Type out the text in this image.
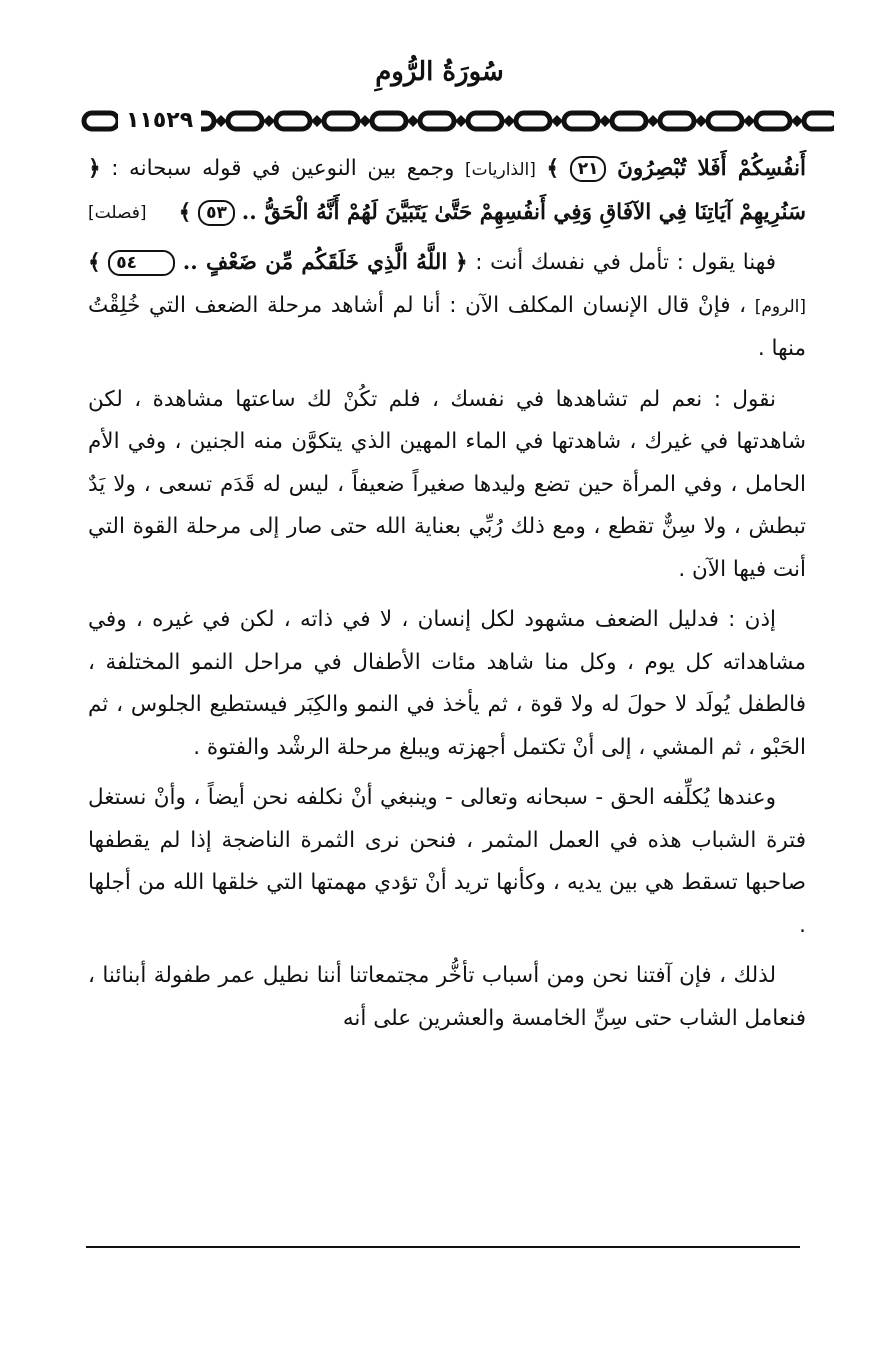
سُورَةُ الرُّومِ
١١٥٢٩

أَنفُسِكُمْ أَفَلا تُبْصِرُونَ ٢١ ﴾ [الذاريات] وجمع بين النوعين في قوله سبحانه : ﴿ سَنُرِيهِمْ آيَاتِنَا فِي الآفَاقِ وَفِي أَنفُسِهِمْ حَتَّىٰ يَتَبَيَّنَ لَهُمْ أَنَّهُ الْحَقُّ .. ٥٣ ﴾
[فصلت]

فهنا يقول : تأمل في نفسك أنت : ﴿ اللَّهُ الَّذِي خَلَقَكُم مِّن ضَعْفٍ .. ٥٤ ﴾ [الروم] ، فإنْ قال الإنسان المكلف الآن : أنا لم أشاهد مرحلة الضعف التي خُلِقْتُ منها .

نقول : نعم لم تشاهدها في نفسك ، فلم تكُنْ لك ساعتها مشاهدة ، لكن شاهدتها في غيرك ، شاهدتها في الماء المهين الذي يتكوَّن منه الجنين ، وفي الأم الحامل ، وفي المرأة حين تضع وليدها صغيراً ضعيفاً ، ليس له قَدَم تسعى ، ولا يَدٌ تبطش ، ولا سِنٌّ تقطع ، ومع ذلك رُبِّي بعناية الله حتى صار إلى مرحلة القوة التي أنت فيها الآن .

إذن : فدليل الضعف مشهود لكل إنسان ، لا في ذاته ، لكن في غيره ، وفي مشاهداته كل يوم ، وكل منا شاهد مئات الأطفال في مراحل النمو المختلفة ، فالطفل يُولَد لا حولَ له ولا قوة ، ثم يأخذ في النمو والكِبَر فيستطيع الجلوس ، ثم الحَبْو ، ثم المشي ، إلى أنْ تكتمل أجهزته ويبلغ مرحلة الرشْد والفتوة .

وعندها يُكلِّفه الحق - سبحانه وتعالى - وينبغي أنْ نكلفه نحن أيضاً ، وأنْ نستغل فترة الشباب هذه في العمل المثمر ، فنحن نرى الثمرة الناضجة إذا لم يقطفها صاحبها تسقط هي بين يديه ، وكأنها تريد أنْ تؤدي مهمتها التي خلقها الله من أجلها .

لذلك ، فإن آفتنا نحن ومن أسباب تأخُّر مجتمعاتنا أننا نطيل عمر طفولة أبنائنا ، فنعامل الشاب حتى سِنِّ الخامسة والعشرين على أنه
